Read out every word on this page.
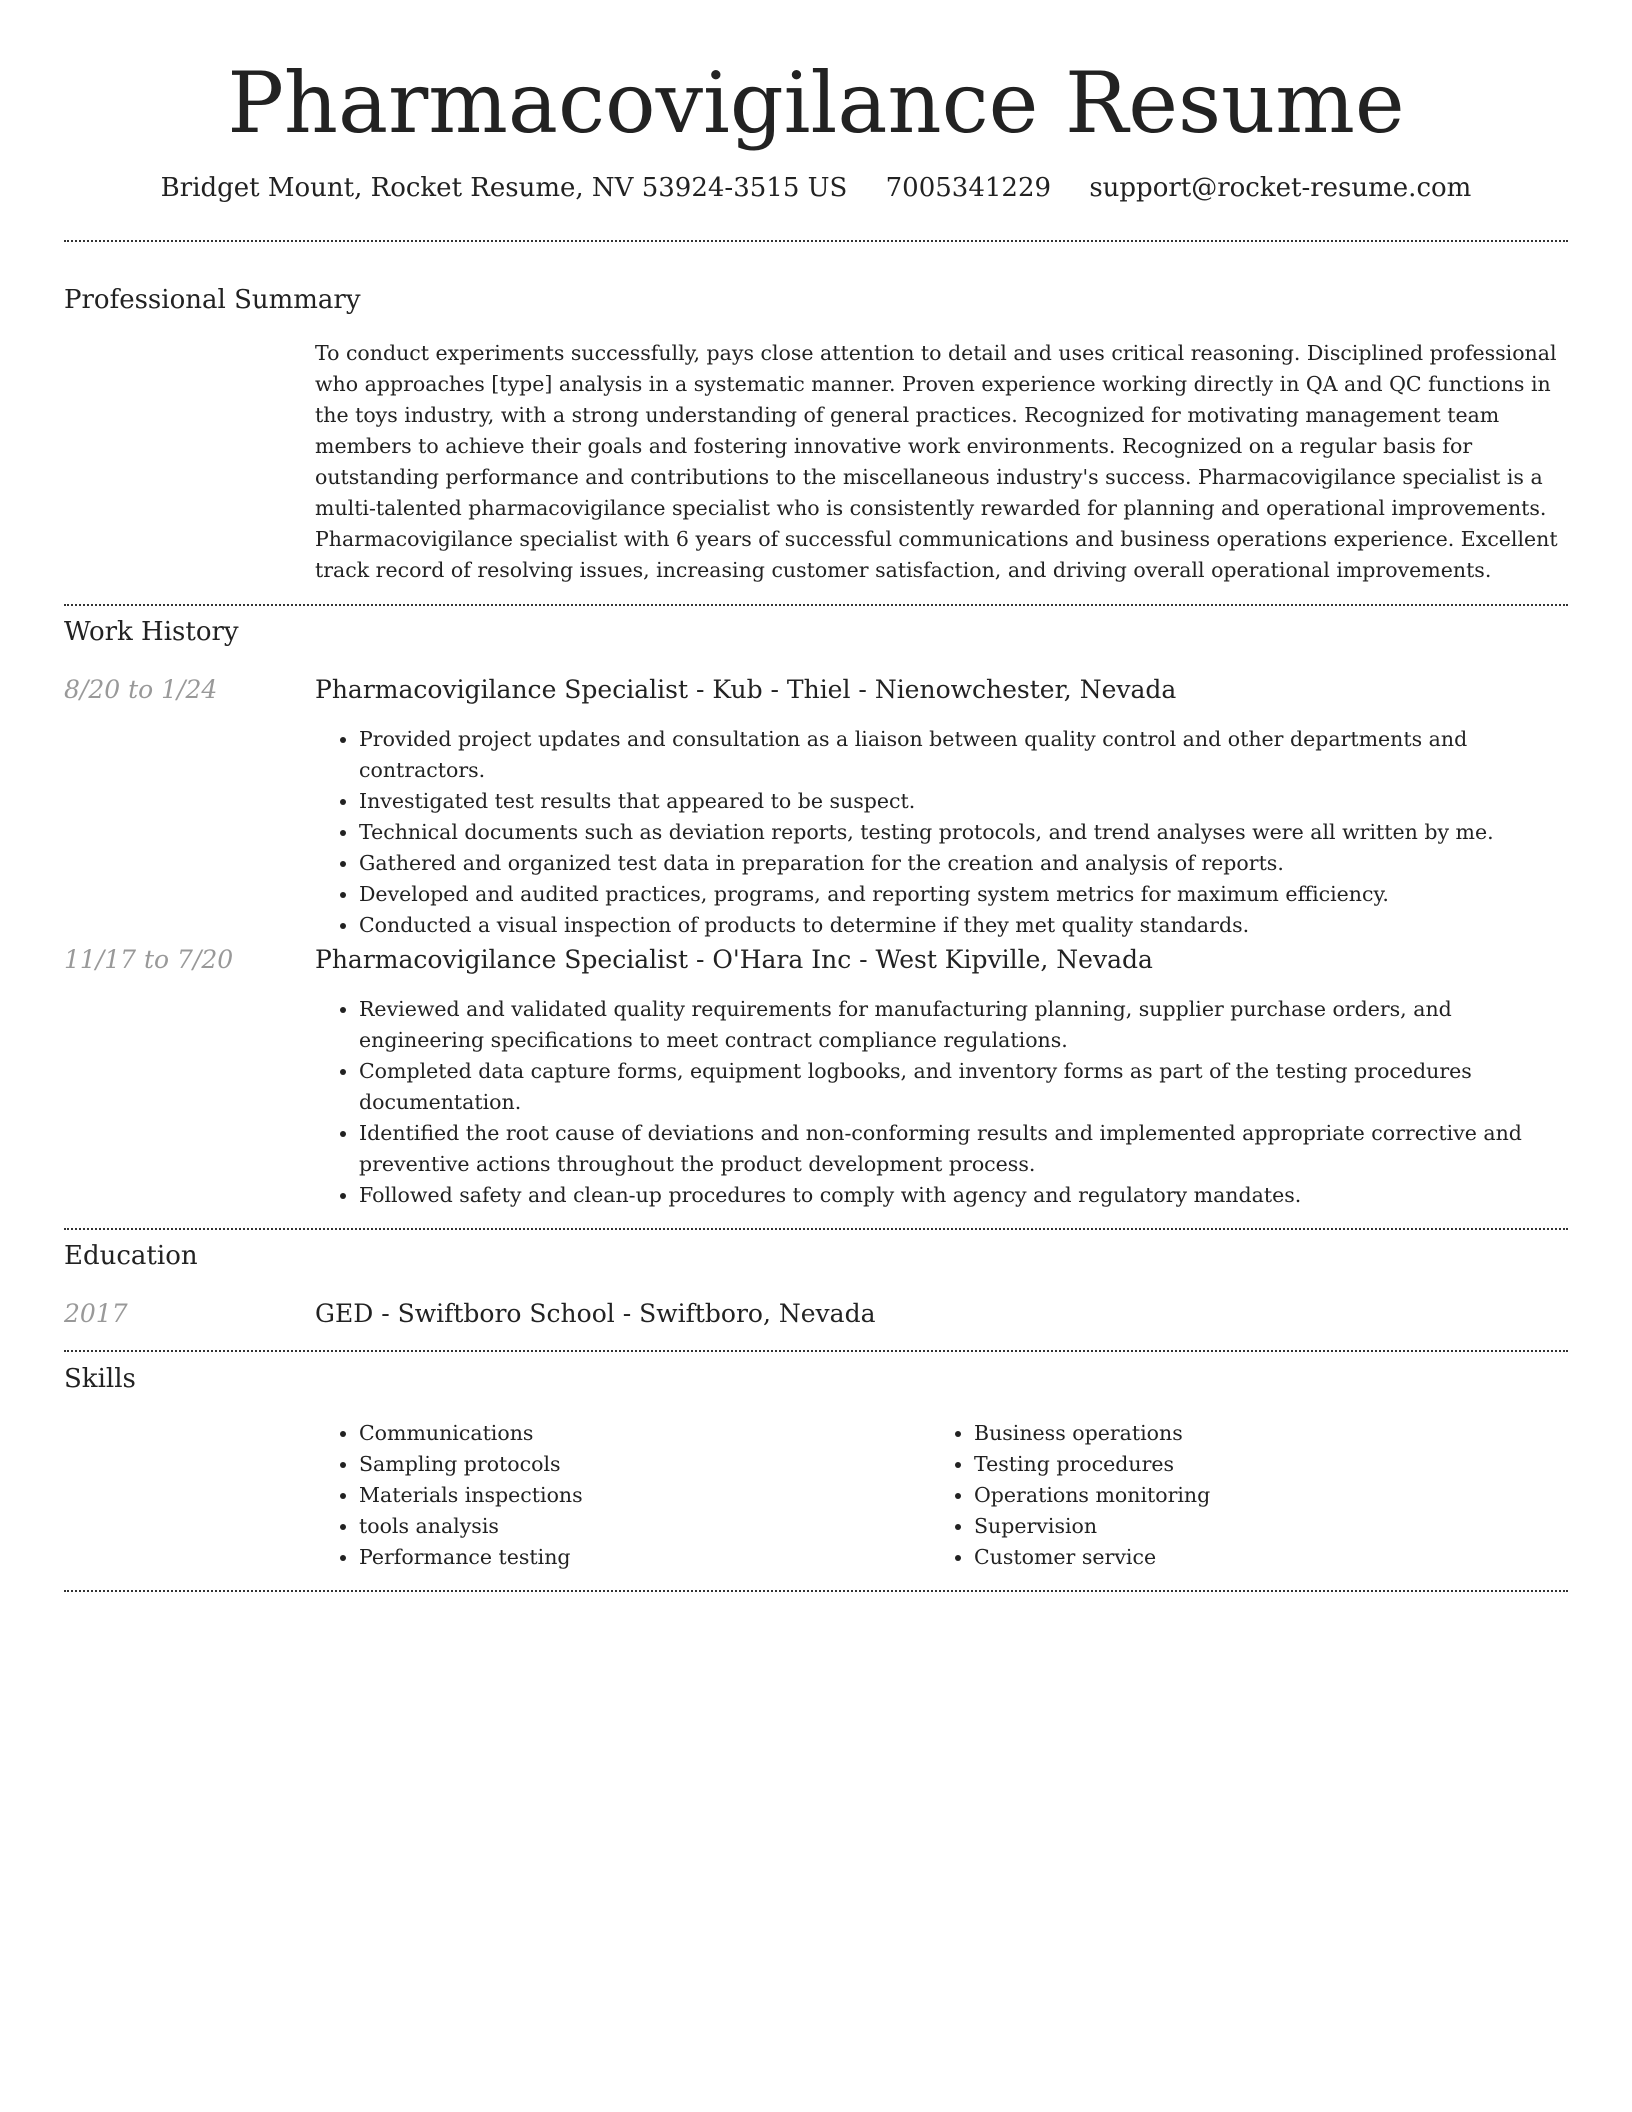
Pharmacovigilance Resume
Bridget Mount, Rocket Resume, NV 53924-3515 US 7005341229 support@rocket-resume.com
Professional Summary
To conduct experiments successfully, pays close attention to detail and uses critical reasoning. Disciplined professional who approaches [type] analysis in a systematic manner. Proven experience working directly in QA and QC functions in the toys industry, with a strong understanding of general practices. Recognized for motivating management team members to achieve their goals and fostering innovative work environments. Recognized on a regular basis for outstanding performance and contributions to the miscellaneous industry's success. Pharmacovigilance specialist is a multi-talented pharmacovigilance specialist who is consistently rewarded for planning and operational improvements. Pharmacovigilance specialist with 6 years of successful communications and business operations experience. Excellent track record of resolving issues, increasing customer satisfaction, and driving overall operational improvements.
Work History
8/20 to 1/24	Pharmacovigilance Specialist - Kub - Thiel - Nienowchester, Nevada
• Provided project updates and consultation as a liaison between quality control and other departments and contractors.
• Investigated test results that appeared to be suspect.
• Technical documents such as deviation reports, testing protocols, and trend analyses were all written by me.
• Gathered and organized test data in preparation for the creation and analysis of reports.
• Developed and audited practices, programs, and reporting system metrics for maximum efficiency.
• Conducted a visual inspection of products to determine if they met quality standards.
11/17 to 7/20	Pharmacovigilance Specialist - O'Hara Inc - West Kipville, Nevada
• Reviewed and validated quality requirements for manufacturing planning, supplier purchase orders, and engineering specifications to meet contract compliance regulations.
• Completed data capture forms, equipment logbooks, and inventory forms as part of the testing procedures documentation.
• Identified the root cause of deviations and non-conforming results and implemented appropriate corrective and preventive actions throughout the product development process.
• Followed safety and clean-up procedures to comply with agency and regulatory mandates.
Education
2017	GED - Swiftboro School - Swiftboro, Nevada
Skills
• Communications
• Sampling protocols
• Materials inspections
• tools analysis
• Performance testing
• Business operations
• Testing procedures
• Operations monitoring
• Supervision
• Customer service
